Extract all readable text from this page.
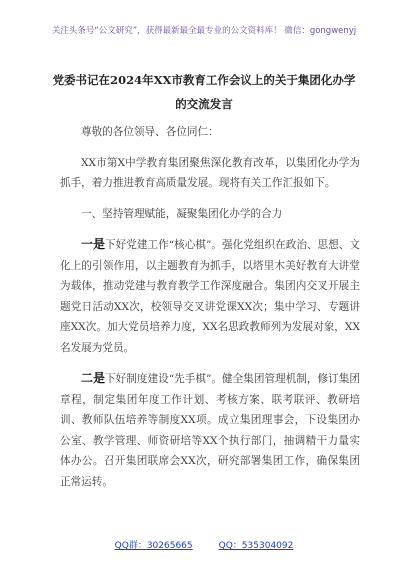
关注头条号“公文研究”，获得最新最全最专业的公文资料库！ 微信：gongwenyj
党委书记在2024年XX市教育工作会议上的关于集团化办学
的交流发言

尊敬的各位领导、各位同仁：

XX市第X中学教育集团聚焦深化教育改革，以集团化办学为抓手，着力推进教育高质量发展。现将有关工作汇报如下。

一、坚持管理赋能，凝聚集团化办学的合力

一是下好党建工作“核心棋”。强化党组织在政治、思想、文化上的引领作用，以主题教育为抓手，以塔里木美好教育大讲堂为载体，推动党建与教育教学工作深度融合。集团内交叉开展主题党日活动XX次，校领导交叉讲党课XX次；集中学习、专题讲座XX次。加大党员培养力度，XX名思政教师列为发展对象，XX名发展为党员。

二是下好制度建设“先手棋”。健全集团管理机制，修订集团章程，制定集团年度工作计划、考核方案、联考联评、教研培训、教师队伍培养等制度XX项。成立集团理事会，下设集团办公室、教学管理、师资研培等XX个执行部门，抽调精干力量实体办公。召开集团联席会XX次，研究部署集团工作，确保集团正常运转。

QQ群：30265665	QQ：535304092
